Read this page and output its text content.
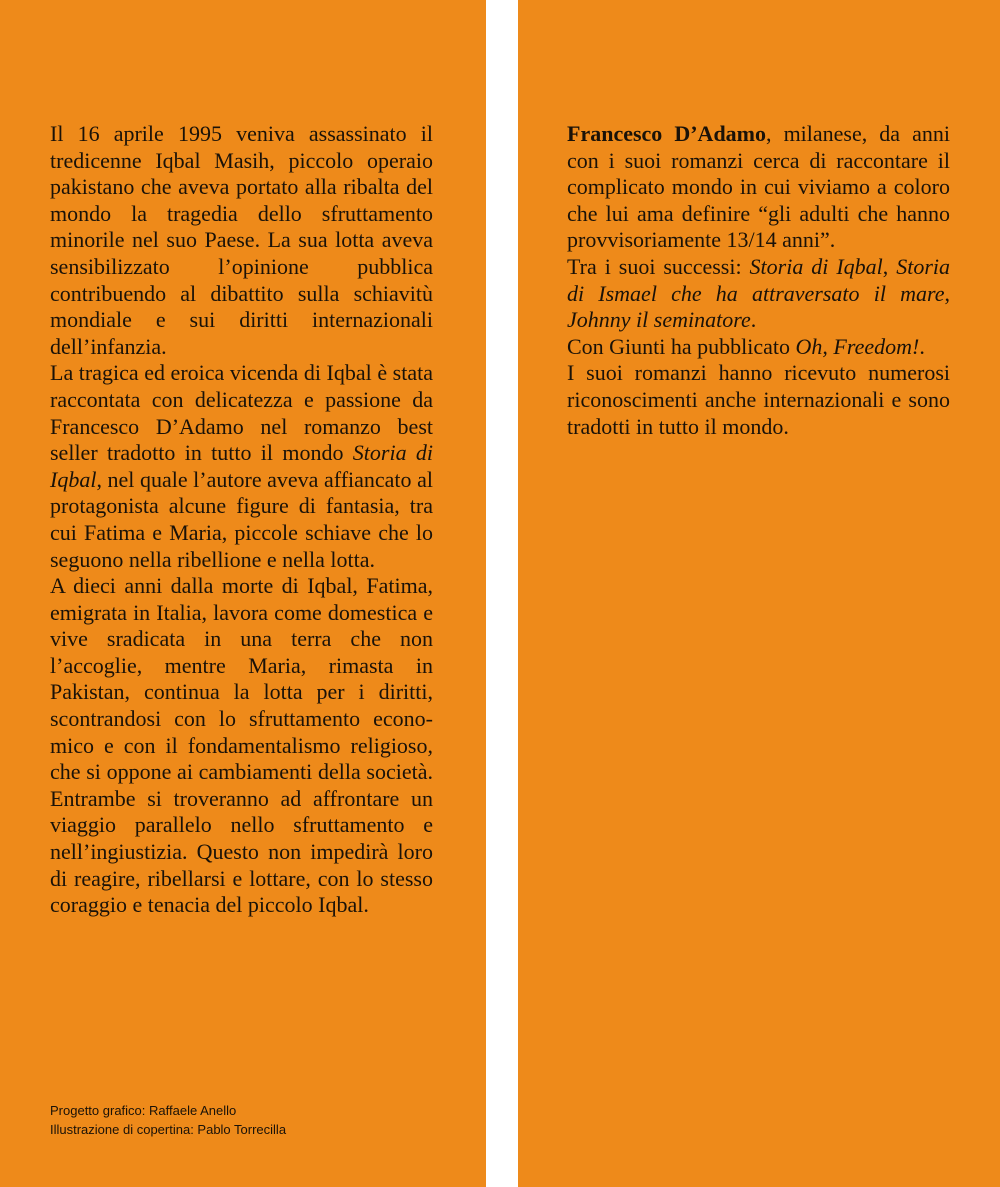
Il 16 aprile 1995 veniva assassinato il tredicenne Iqbal Masih, piccolo operaio pakistano che aveva portato alla ribalta del mondo la tragedia dello sfruttamento minorile nel suo Paese. La sua lotta aveva sensibilizzato l’opinione pubblica contribuendo al dibattito sulla schiavitù mondiale e sui diritti internazionali dell’infanzia.

La tragica ed eroica vicenda di Iqbal è stata raccontata con delicatezza e passione da Francesco D’Adamo nel romanzo best seller tradotto in tutto il mondo Storia di Iqbal, nel quale l’autore aveva affiancato al protagonista alcune figure di fantasia, tra cui Fatima e Maria, piccole schiave che lo seguono nella ribellione e nella lotta.

A dieci anni dalla morte di Iqbal, Fatima, emigrata in Italia, lavora come domestica e vive sradicata in una terra che non l’accoglie, mentre Maria, rimasta in Pakistan, continua la lotta per i diritti, scontrandosi con lo sfruttamento economico e con il fondamentalismo religioso, che si oppone ai cambiamenti della società. Entrambe si troveranno ad affrontare un viaggio parallelo nello sfruttamento e nell’ingiustizia. Questo non impedirà loro di reagire, ribellarsi e lottare, con lo stesso coraggio e tenacia del piccolo Iqbal.

Francesco D’Adamo, milanese, da anni con i suoi romanzi cerca di raccontare il complicato mondo in cui viviamo a coloro che lui ama definire “gli adulti che hanno provvisoriamente 13/14 anni”.

Tra i suoi successi: Storia di Iqbal, Storia di Ismael che ha attraversato il mare, Johnny il seminatore.

Con Giunti ha pubblicato Oh, Freedom!.

I suoi romanzi hanno ricevuto numerosi riconoscimenti anche internazionali e sono tradotti in tutto il mondo.

Progetto grafico: Raffaele Anello
Illustrazione di copertina: Pablo Torrecilla
